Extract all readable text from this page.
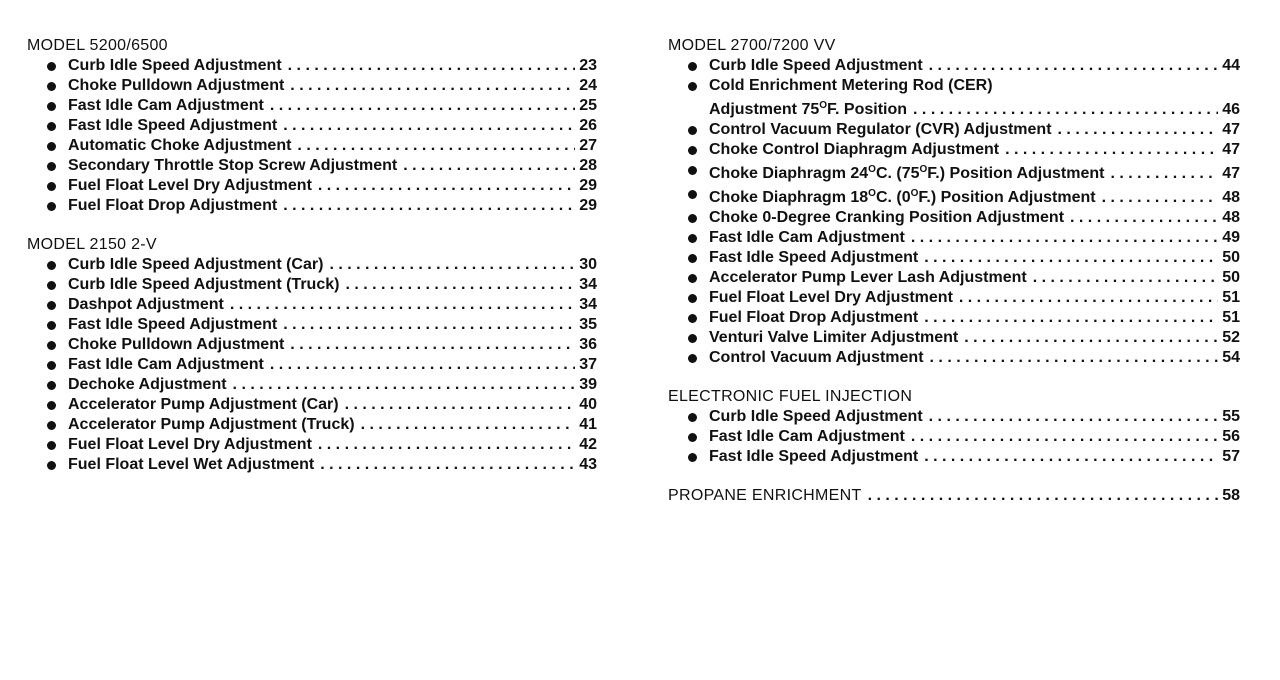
MODEL 5200/6500
Curb Idle Speed Adjustment . . .	23
Choke Pulldown Adjustment . . .	24
Fast Idle Cam Adjustment . . .	25
Fast Idle Speed Adjustment . . .	26
Automatic Choke Adjustment . . .	27
Secondary Throttle Stop Screw Adjustment . . .	28
Fuel Float Level Dry Adjustment . . .	29
Fuel Float Drop Adjustment . . .	29
MODEL 2150 2-V
Curb Idle Speed Adjustment (Car) . . .	30
Curb Idle Speed Adjustment (Truck) . . .	34
Dashpot Adjustment . . .	34
Fast Idle Speed Adjustment . . .	35
Choke Pulldown Adjustment . . .	36
Fast Idle Cam Adjustment . . .	37
Dechoke Adjustment . . .	39
Accelerator Pump Adjustment (Car) . . .	40
Accelerator Pump Adjustment (Truck) . . .	41
Fuel Float Level Dry Adjustment . . .	42
Fuel Float Level Wet Adjustment . . .	43
MODEL 2700/7200 VV
Curb Idle Speed Adjustment . . .	44
Cold Enrichment Metering Rod (CER)
Adjustment $75^OF$. Position . . .	46
Control Vacuum Regulator (CVR) Adjustment . . .	47
Choke Control Diaphragm Adjustment . . .	47
Choke Diaphragm $24^OC$. $(75^OF.)$ Position Adjustment . . .	47
Choke Diaphragm $18^OC$. $(0^OF.)$ Position Adjustment . . .	48
Choke 0-Degree Cranking Position Adjustment . . .	48
Fast Idle Cam Adjustment . . .	49
Fast Idle Speed Adjustment . . .	50
Accelerator Pump Lever Lash Adjustment . . .	50
Fuel Float Level Dry Adjustment . . .	51
Fuel Float Drop Adjustment . . .	51
Venturi Valve Limiter Adjustment . . .	52
Control Vacuum Adjustment . . .	54
ELECTRONIC FUEL INJECTION
Curb Idle Speed Adjustment . . .	55
Fast Idle Cam Adjustment . . .	56
Fast Idle Speed Adjustment . . .	57
PROPANE ENRICHMENT . . .	58
